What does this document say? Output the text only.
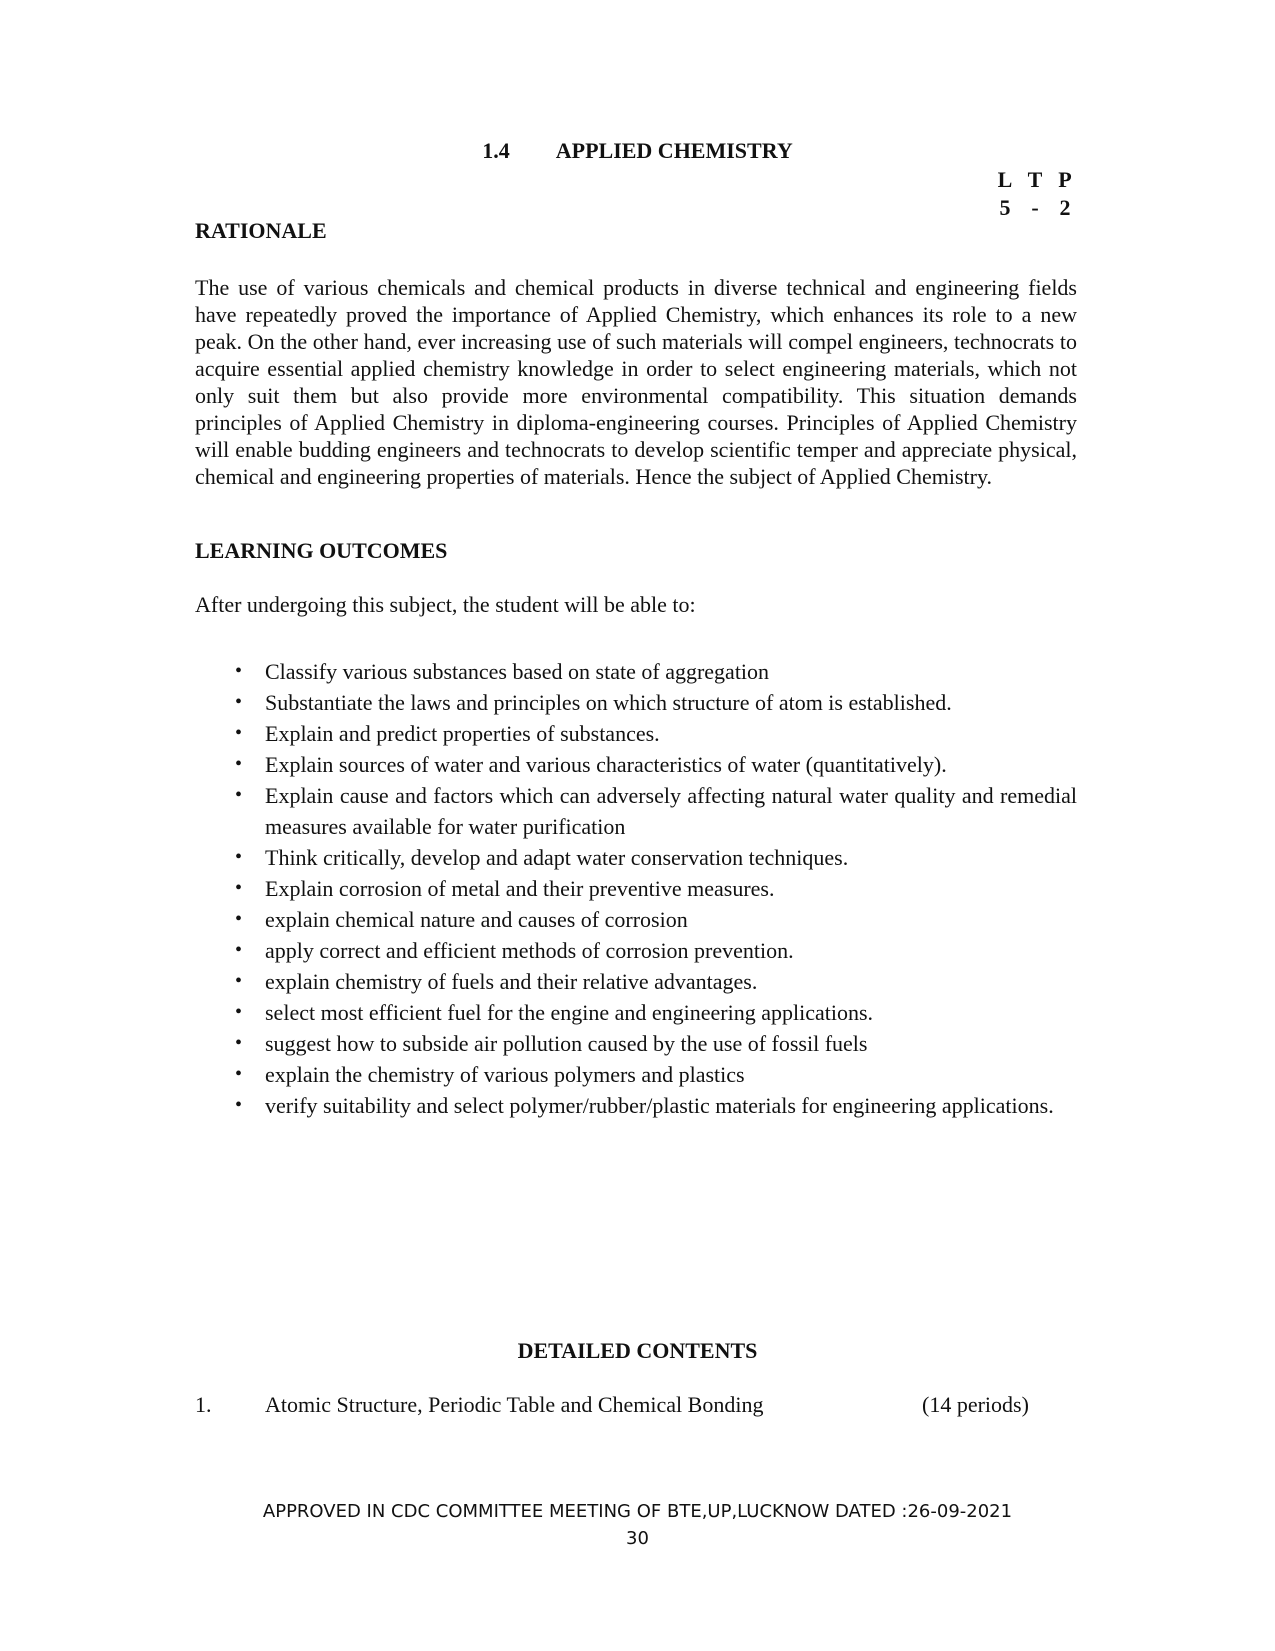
1.4 APPLIED CHEMISTRY
L T P
5 - 2
RATIONALE
The use of various chemicals and chemical products in diverse technical and engineering fields have repeatedly proved the importance of Applied Chemistry, which enhances its role to a new peak. On the other hand, ever increasing use of such materials will compel engineers, technocrats to acquire essential applied chemistry knowledge in order to select engineering materials, which not only suit them but also provide more environmental compatibility. This situation demands principles of Applied Chemistry in diploma-engineering courses. Principles of Applied Chemistry will enable budding engineers and technocrats to develop scientific temper and appreciate physical, chemical and engineering properties of materials. Hence the subject of Applied Chemistry.
LEARNING OUTCOMES
After undergoing this subject, the student will be able to:
• Classify various substances based on state of aggregation
• Substantiate the laws and principles on which structure of atom is established.
• Explain and predict properties of substances.
• Explain sources of water and various characteristics of water (quantitatively).
• Explain cause and factors which can adversely affecting natural water quality and remedial measures available for water purification
• Think critically, develop and adapt water conservation techniques.
• Explain corrosion of metal and their preventive measures.
• explain chemical nature and causes of corrosion
• apply correct and efficient methods of corrosion prevention.
• explain chemistry of fuels and their relative advantages.
• select most efficient fuel for the engine and engineering applications.
• suggest how to subside air pollution caused by the use of fossil fuels
• explain the chemistry of various polymers and plastics
• verify suitability and select polymer/rubber/plastic materials for engineering applications.
DETAILED CONTENTS
1. Atomic Structure, Periodic Table and Chemical Bonding	(14 periods)
APPROVED IN CDC COMMITTEE MEETING OF BTE,UP,LUCKNOW DATED :26-09-2021
30
